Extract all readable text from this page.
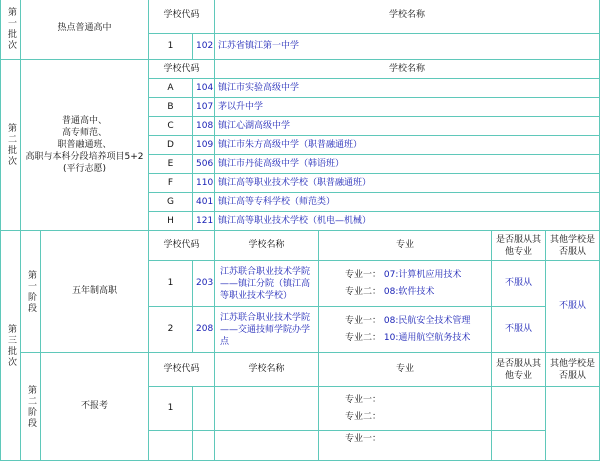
第一批次	热点普通高中		学校代码		学校名称			
			1	102	江苏省镇江第一中学			

第二批次	普通高中、
高专师范、
职普融通班、
高职与本科分段培养项目5+2
(平行志愿)		学校代码		学校名称			
			A	104	镇江市实验高级中学			
			B	107	茅以升中学			
			C	108	镇江心湖高级中学			
			D	109	镇江市朱方高级中学（职普融通班）			
			E	506	镇江市丹徒高级中学（韩语班）			
			F	110	镇江高等职业技术学校（职普融通班）			
			G	401	镇江高等专科学校（师范类）			
			H	121	镇江高等职业技术学校（机电—机械）			

第三批次	第一阶段	五年制高职	学校代码		学校名称	专业	是否服从其他专业	其他学校是否服从
			1	203	江苏联合职业技术学院——镇江分院（镇江高等职业技术学校）	专业一： 07:计算机应用技术
专业二： 08:软件技术	不服从	不服从
			2	208	江苏联合职业技术学院——交通技师学院办学点	专业一： 08:民航安全技术管理
专业二： 10:通用航空航务技术	不服从	

	第二阶段	不报考	学校代码		学校名称	专业	是否服从其他专业	其他学校是否服从
			1			专业一：
专业二：		

						专业一：		
